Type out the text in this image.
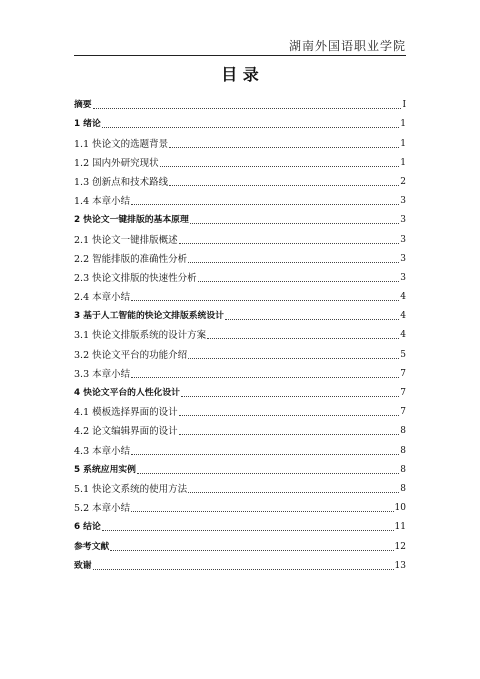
湖南外国语职业学院
目 录
摘要	I
1 绪论	1
1.1 快论文的选题背景	1
1.2 国内外研究现状	1
1.3 创新点和技术路线	2
1.4 本章小结	3
2 快论文一键排版的基本原理	3
2.1 快论文一键排版概述	3
2.2 智能排版的准确性分析	3
2.3 快论文排版的快速性分析	3
2.4 本章小结	4
3 基于人工智能的快论文排版系统设计	4
3.1 快论文排版系统的设计方案	4
3.2 快论文平台的功能介绍	5
3.3 本章小结	7
4 快论文平台的人性化设计	7
4.1 模板选择界面的设计	7
4.2 论文编辑界面的设计	8
4.3 本章小结	8
5 系统应用实例	8
5.1 快论文系统的使用方法	8
5.2 本章小结	10
6 结论	11
参考文献	12
致谢	13
